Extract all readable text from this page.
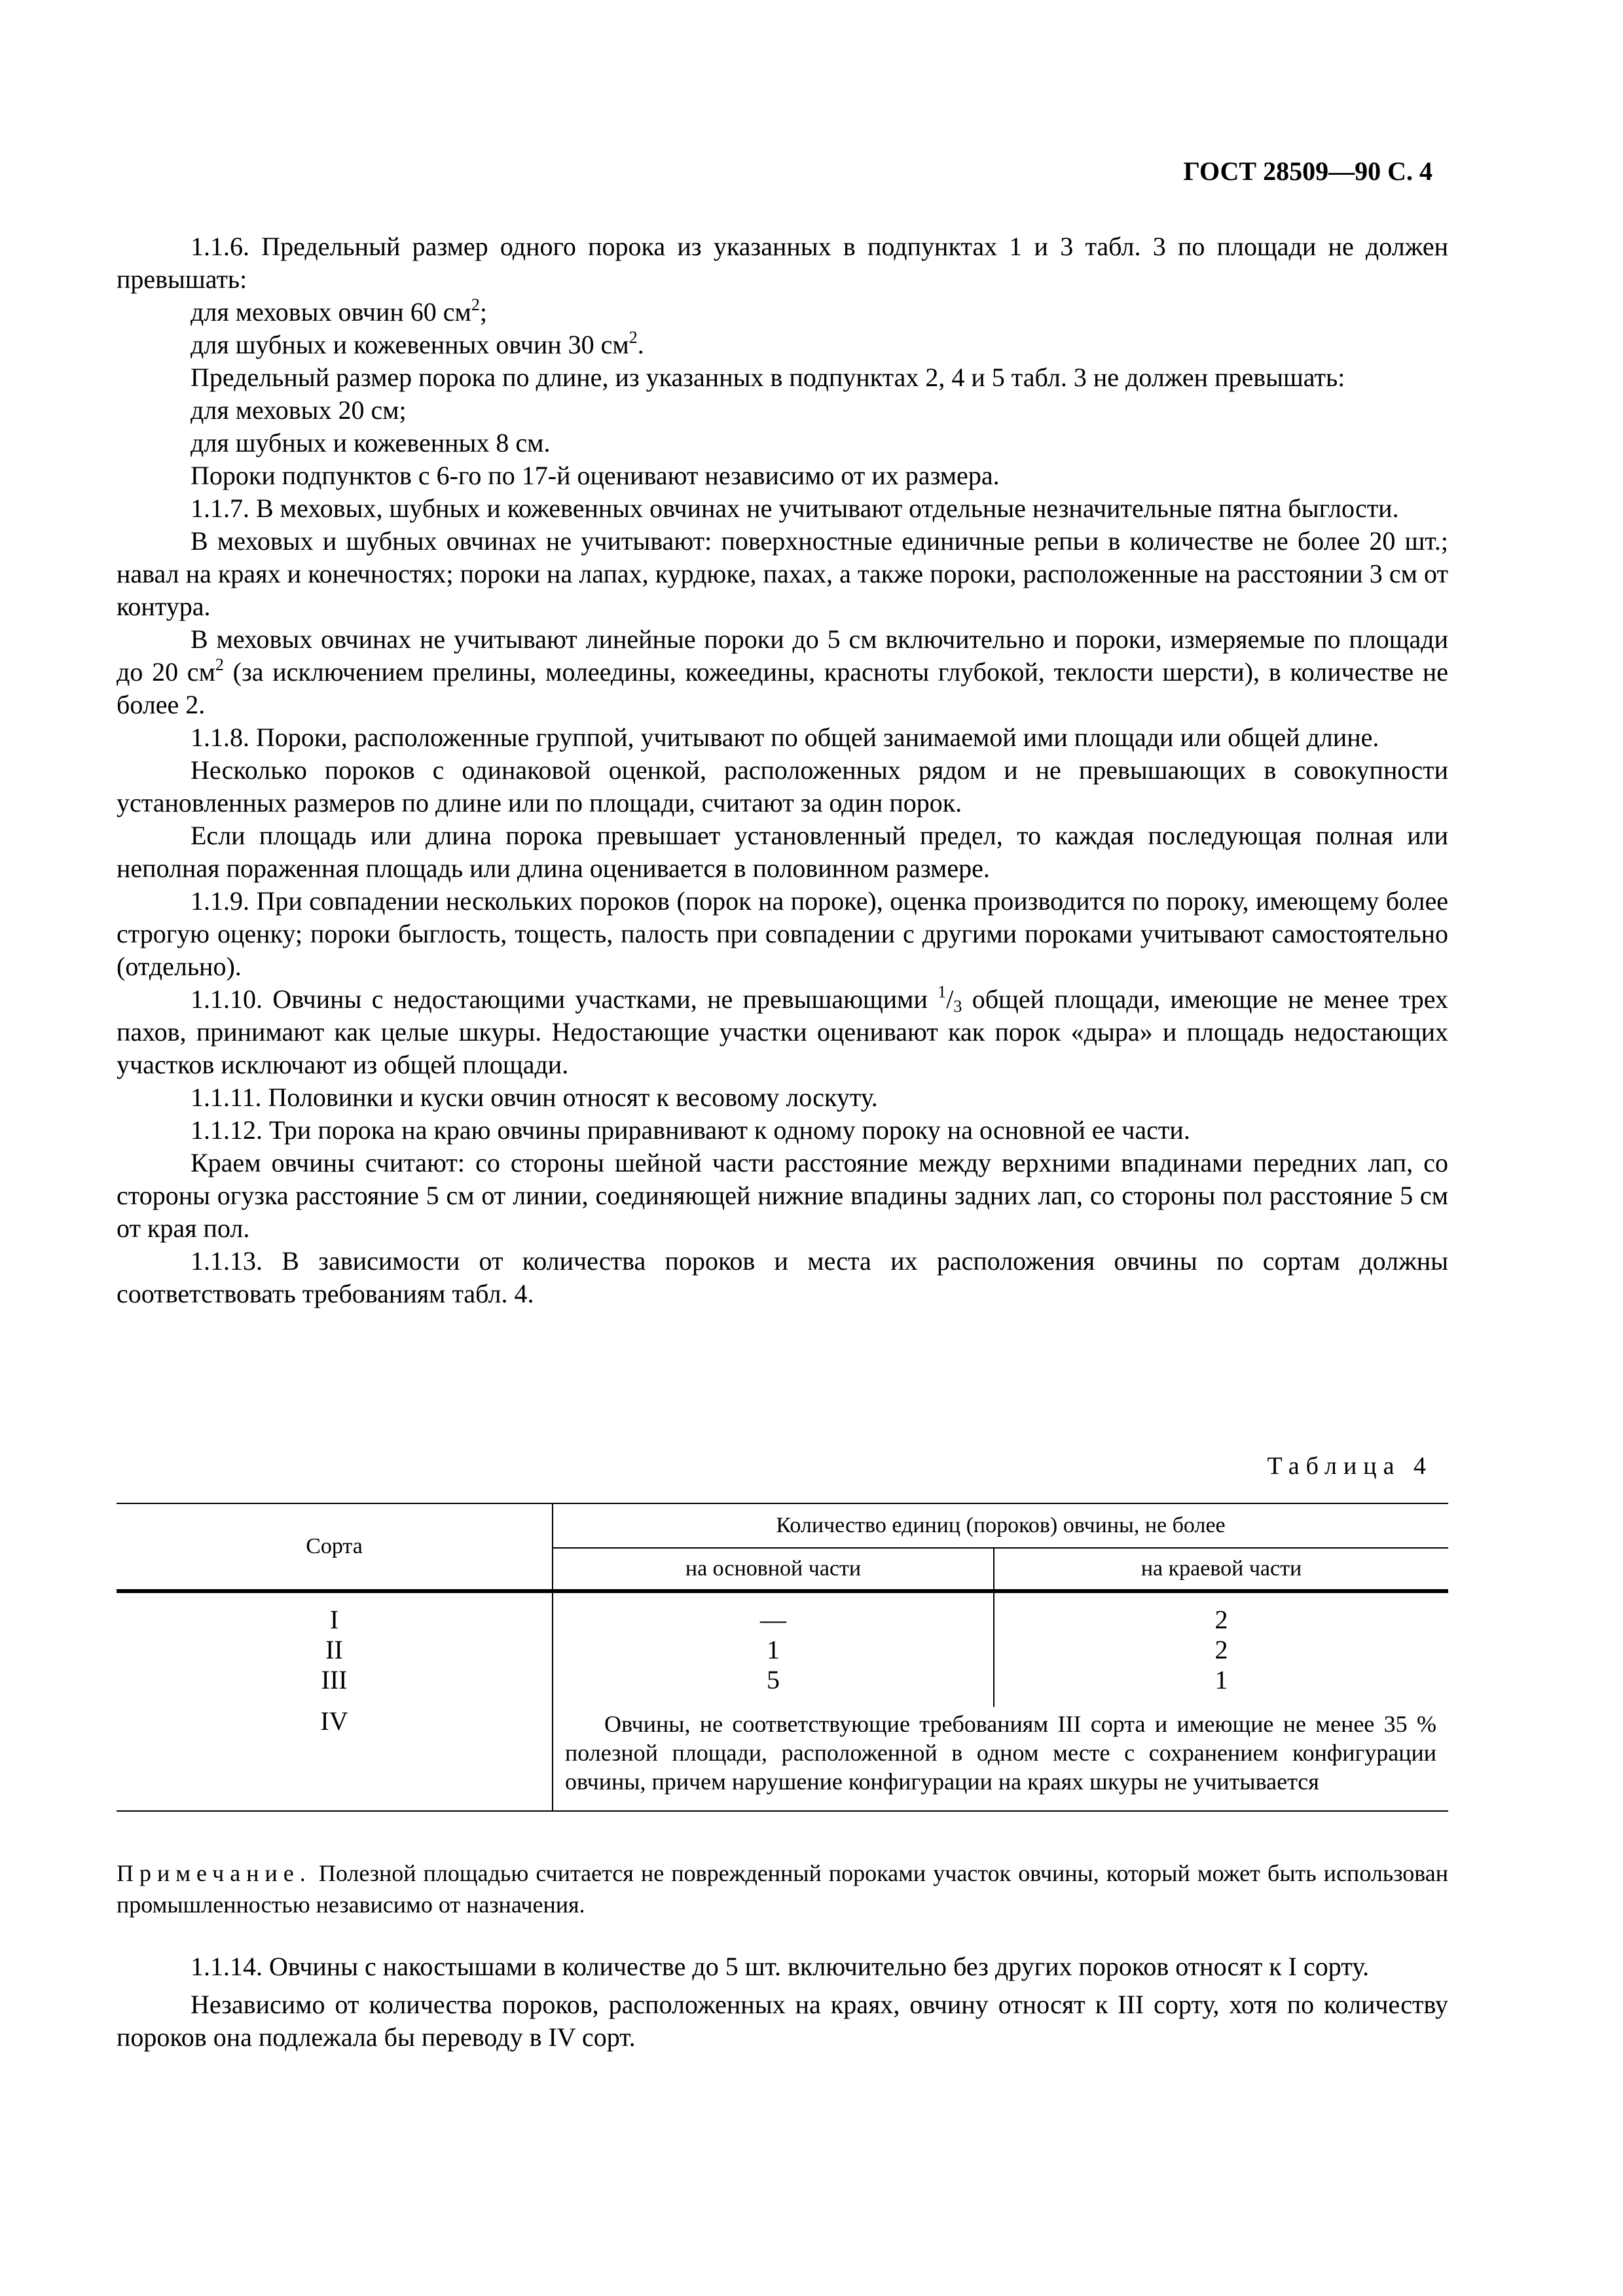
ГОСТ 28509—90 С. 4

1.1.6. Предельный размер одного порока из указанных в подпунктах 1 и 3 табл. 3 по площади не должен превышать:

для меховых овчин 60 $см^2$;

для шубных и кожевенных овчин 30 $см^2$.

Предельный размер порока по длине, из указанных в подпунктах 2, 4 и 5 табл. 3 не должен превышать:

для меховых 20 см;

для шубных и кожевенных 8 см.

Пороки подпунктов с 6-го по 17-й оценивают независимо от их размера.

1.1.7. В меховых, шубных и кожевенных овчинах не учитывают отдельные незначительные пятна быглости.

В меховых и шубных овчинах не учитывают: поверхностные единичные репьи в количестве не более 20 шт.; навал на краях и конечностях; пороки на лапах, курдюке, пахах, а также пороки, расположенные на расстоянии 3 см от контура.

В меховых овчинах не учитывают линейные пороки до 5 см включительно и пороки, измеряемые по площади до 20 $см^2$ (за исключением прелины, молеедины, кожеедины, красноты глубокой, теклости шерсти), в количестве не более 2.

1.1.8. Пороки, расположенные группой, учитывают по общей занимаемой ими площади или общей длине.

Несколько пороков с одинаковой оценкой, расположенных рядом и не превышающих в совокупности установленных размеров по длине или по площади, считают за один порок.

Если площадь или длина порока превышает установленный предел, то каждая последующая полная или неполная пораженная площадь или длина оценивается в половинном размере.

1.1.9. При совпадении нескольких пороков (порок на пороке), оценка производится по пороку, имеющему более строгую оценку; пороки быглость, тощесть, палость при совпадении с другими пороками учитывают самостоятельно (отдельно).

1.1.10. Овчины с недостающими участками, не превышающими $^1/_3$ общей площади, имеющие не менее трех пахов, принимают как целые шкуры. Недостающие участки оценивают как порок «дыра» и площадь недостающих участков исключают из общей площади.

1.1.11. Половинки и куски овчин относят к весовому лоскуту.

1.1.12. Три порока на краю овчины приравнивают к одному пороку на основной ее части.

Краем овчины считают: со стороны шейной части расстояние между верхними впадинами передних лап, со стороны огузка расстояние 5 см от линии, соединяющей нижние впадины задних лап, со стороны пол расстояние 5 см от края пол.

1.1.13. В зависимости от количества пороков и места их расположения овчины по сортам должны соответствовать требованиям табл. 4.

Таблица 4
Сорта	Количество единиц (пороков) овчины, не более	
	на основной части	на краевой части

I	—	2
II	1	2
III	5	1

IV	Овчины, не соответствующие требованиям III сорта и имеющие не менее 35 % полезной площади, расположенной в одном месте с сохранением конфигурации овчины, причем нарушение конфигурации на краях шкуры не учитывается	

Примечание. Полезной площадью считается не поврежденный пороками участок овчины, который может быть использован промышленностью независимо от назначения.

1.1.14. Овчины с накостышами в количестве до 5 шт. включительно без других пороков относят к I сорту.

Независимо от количества пороков, расположенных на краях, овчину относят к III сорту, хотя по количеству пороков она подлежала бы переводу в IV сорт.
